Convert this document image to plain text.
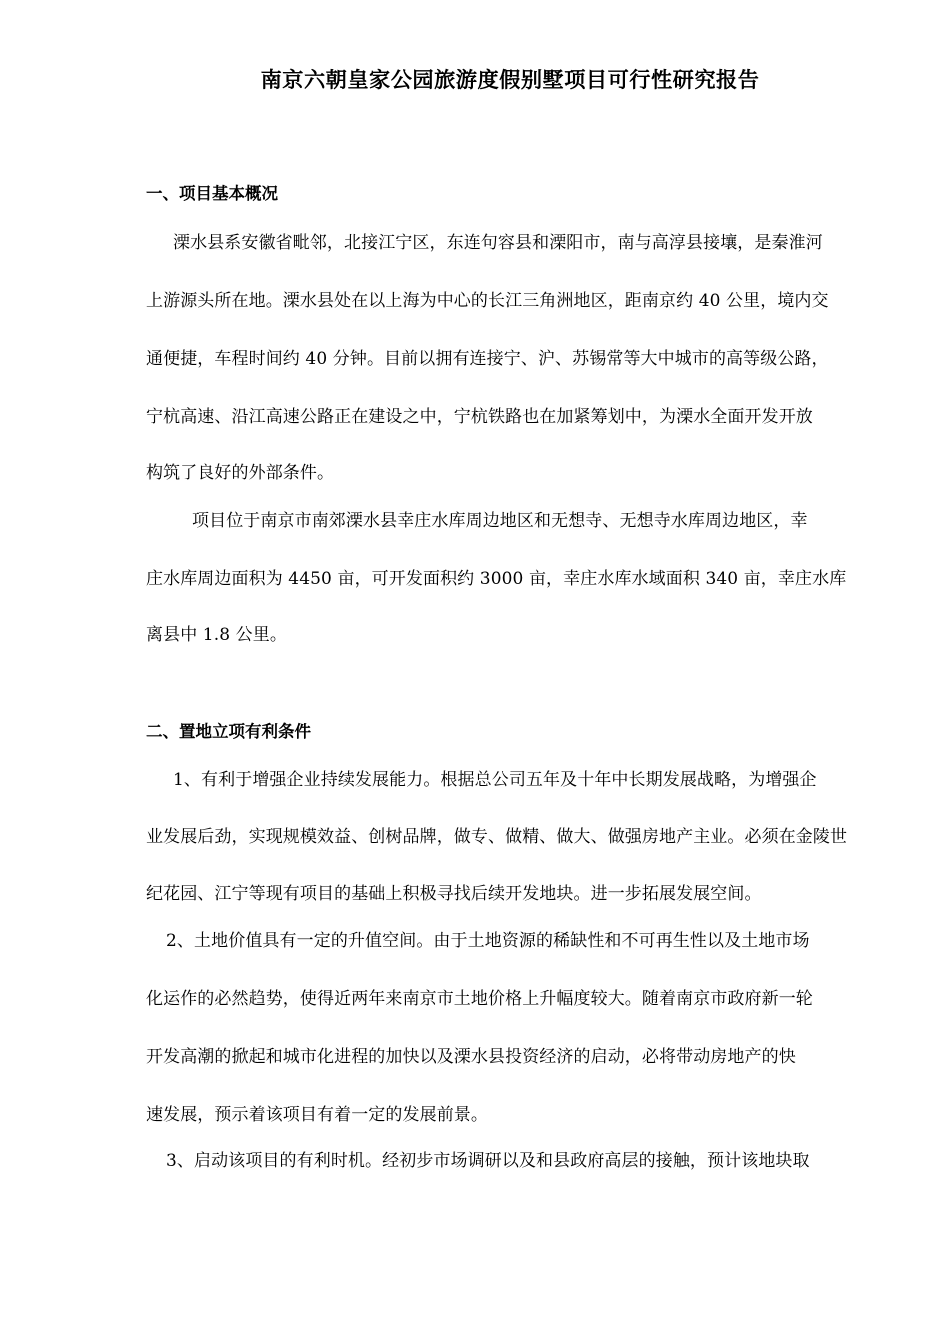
南京六朝皇家公园旅游度假别墅项目可行性研究报告
一、项目基本概况
溧水县系安徽省毗邻，北接江宁区，东连句容县和溧阳市，南与高淳县接壤，是秦淮河
上游源头所在地。溧水县处在以上海为中心的长江三角洲地区，距南京约 40 公里，境内交
通便捷，车程时间约 40 分钟。目前以拥有连接宁、沪、苏锡常等大中城市的高等级公路，
宁杭高速、沿江高速公路正在建设之中，宁杭铁路也在加紧筹划中，为溧水全面开发开放
构筑了良好的外部条件。
项目位于南京市南郊溧水县幸庄水库周边地区和无想寺、无想寺水库周边地区，幸
庄水库周边面积为 4450 亩，可开发面积约 3000 亩，幸庄水库水域面积 340 亩，幸庄水库
离县中 1.8 公里。
二、置地立项有利条件
1、有利于增强企业持续发展能力。根据总公司五年及十年中长期发展战略，为增强企
业发展后劲，实现规模效益、创树品牌，做专、做精、做大、做强房地产主业。必须在金陵世
纪花园、江宁等现有项目的基础上积极寻找后续开发地块。进一步拓展发展空间。
2、土地价值具有一定的升值空间。由于土地资源的稀缺性和不可再生性以及土地市场
化运作的必然趋势，使得近两年来南京市土地价格上升幅度较大。随着南京市政府新一轮
开发高潮的掀起和城市化进程的加快以及溧水县投资经济的启动，必将带动房地产的快
速发展，预示着该项目有着一定的发展前景。
3、启动该项目的有利时机。经初步市场调研以及和县政府高层的接触，预计该地块取
